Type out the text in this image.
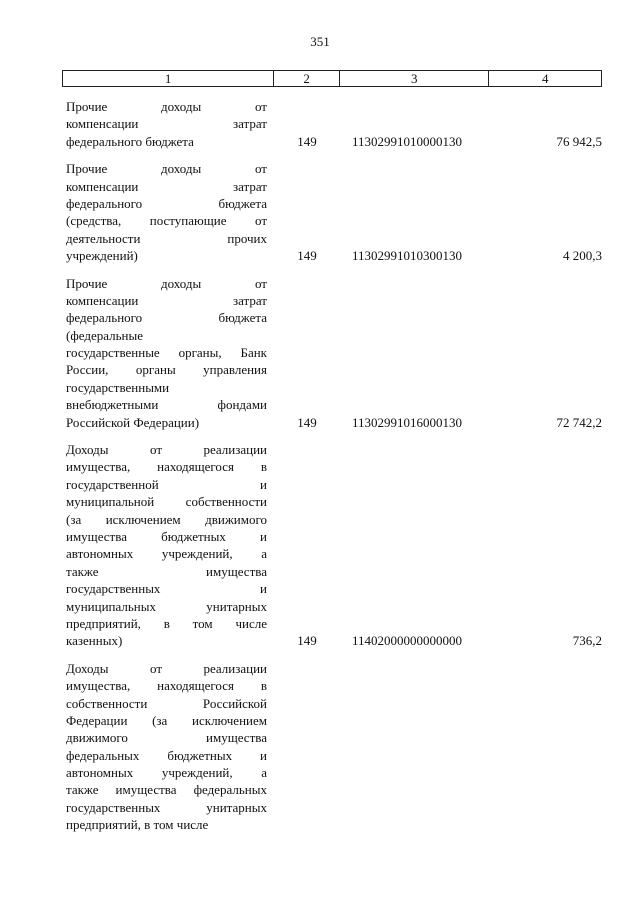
351
1	2	3	4
Прочие доходы от
компенсации затрат
федерального бюджета	149	11302991010000130	76 942,5
Прочие доходы от
компенсации затрат
федерального бюджета
(средства, поступающие от
деятельности прочих
учреждений)	149	11302991010300130	4 200,3
Прочие доходы от
компенсации затрат
федерального бюджета
(федеральные
государственные органы, Банк
России, органы управления
государственными
внебюджетными фондами
Российской Федерации)	149	11302991016000130	72 742,2
Доходы от реализации
имущества, находящегося в
государственной и
муниципальной собственности
(за исключением движимого
имущества бюджетных и
автономных учреждений, а
также имущества
государственных и
муниципальных унитарных
предприятий, в том числе
казенных)	149	11402000000000000	736,2
Доходы от реализации
имущества, находящегося в
собственности Российской
Федерации (за исключением
движимого имущества
федеральных бюджетных и
автономных учреждений, а
также имущества федеральных
государственных унитарных
предприятий, в том числе
